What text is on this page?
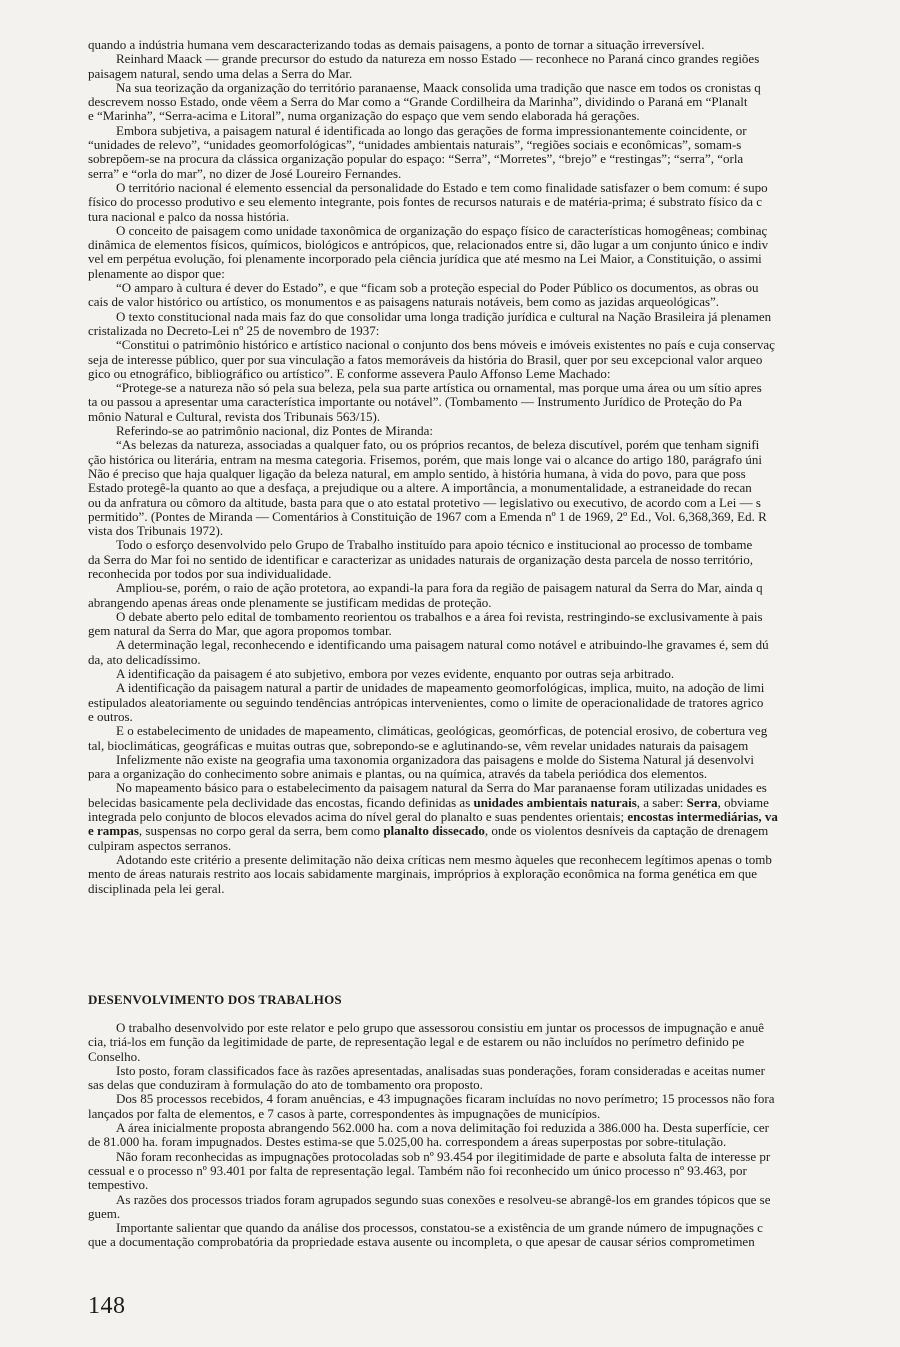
quando a indústria humana vem descaracterizando todas as demais paisagens, a ponto de tornar a situação irreversível.

Reinhard Maack — grande precursor do estudo da natureza em nosso Estado — reconhece no Paraná cinco grandes regiões

paisagem natural, sendo uma delas a Serra do Mar.

Na sua teorização da organização do território paranaense, Maack consolida uma tradição que nasce em todos os cronistas q

descrevem nosso Estado, onde vêem a Serra do Mar como a “Grande Cordilheira da Marinha”, dividindo o Paraná em “Planalt

e “Marinha”, “Serra-acima e Litoral”, numa organização do espaço que vem sendo elaborada há gerações.

Embora subjetiva, a paisagem natural é identificada ao longo das gerações de forma impressionantemente coincidente, or

“unidades de relevo”, “unidades geomorfológicas”, “unidades ambientais naturais”, “regiões sociais e econômicas”, somam-s

sobrepõem-se na procura da clássica organização popular do espaço: “Serra”, “Morretes”, “brejo” e “restingas”; “serra”, “orla

serra” e “orla do mar”, no dizer de José Loureiro Fernandes.

O território nacional é elemento essencial da personalidade do Estado e tem como finalidade satisfazer o bem comum: é supo

físico do processo produtivo e seu elemento integrante, pois fontes de recursos naturais e de matéria-prima; é substrato físico da c

tura nacional e palco da nossa história.

O conceito de paisagem como unidade taxonômica de organização do espaço físico de características homogêneas; combinaç

dinâmica de elementos físicos, químicos, biológicos e antrópicos, que, relacionados entre si, dão lugar a um conjunto único e indiv

vel em perpétua evolução, foi plenamente incorporado pela ciência jurídica que até mesmo na Lei Maior, a Constituição, o assimi

plenamente ao dispor que:

“O amparo à cultura é dever do Estado”, e que “ficam sob a proteção especial do Poder Público os documentos, as obras ou

cais de valor histórico ou artístico, os monumentos e as paisagens naturais notáveis, bem como as jazidas arqueológicas”.

O texto constitucional nada mais faz do que consolidar uma longa tradição jurídica e cultural na Nação Brasileira já plenamen

cristalizada no Decreto-Lei nº 25 de novembro de 1937:

“Constitui o patrimônio histórico e artístico nacional o conjunto dos bens móveis e imóveis existentes no país e cuja conservaç

seja de interesse público, quer por sua vinculação a fatos memoráveis da história do Brasil, quer por seu excepcional valor arqueo

gico ou etnográfico, bibliográfico ou artístico”. E conforme assevera Paulo Affonso Leme Machado:

“Protege-se a natureza não só pela sua beleza, pela sua parte artística ou ornamental, mas porque uma área ou um sítio apres

ta ou passou a apresentar uma característica importante ou notável”. (Tombamento — Instrumento Jurídico de Proteção do Pa

mônio Natural e Cultural, revista dos Tribunais 563/15).

Referindo-se ao patrimônio nacional, diz Pontes de Miranda:

“As belezas da natureza, associadas a qualquer fato, ou os próprios recantos, de beleza discutível, porém que tenham signifi

ção histórica ou literária, entram na mesma categoria. Frisemos, porém, que mais longe vai o alcance do artigo 180, parágrafo úni

Não é preciso que haja qualquer ligação da beleza natural, em amplo sentido, à história humana, à vida do povo, para que poss

Estado protegê-la quanto ao que a desfaça, a prejudique ou a altere. A importância, a monumentalidade, a estraneidade do recan

ou da anfratura ou cômoro da altitude, basta para que o ato estatal protetivo — legislativo ou executivo, de acordo com a Lei — s

permitido”. (Pontes de Miranda — Comentários à Constituição de 1967 com a Emenda nº 1 de 1969, 2º Ed., Vol. 6,368,369, Ed. R

vista dos Tribunais 1972).

Todo o esforço desenvolvido pelo Grupo de Trabalho instituído para apoio técnico e institucional ao processo de tombame

da Serra do Mar foi no sentido de identificar e caracterizar as unidades naturais de organização desta parcela de nosso território,

reconhecida por todos por sua individualidade.

Ampliou-se, porém, o raio de ação protetora, ao expandi-la para fora da região de paisagem natural da Serra do Mar, ainda q

abrangendo apenas áreas onde plenamente se justificam medidas de proteção.

O debate aberto pelo edital de tombamento reorientou os trabalhos e a área foi revista, restringindo-se exclusivamente à pais

gem natural da Serra do Mar, que agora propomos tombar.

A determinação legal, reconhecendo e identificando uma paisagem natural como notável e atribuindo-lhe gravames é, sem dú

da, ato delicadíssimo.

A identificação da paisagem é ato subjetivo, embora por vezes evidente, enquanto por outras seja arbitrado.

A identificação da paisagem natural a partir de unidades de mapeamento geomorfológicas, implica, muito, na adoção de limi

estipulados aleatoriamente ou seguindo tendências antrópicas intervenientes, como o limite de operacionalidade de tratores agrico

e outros.

E o estabelecimento de unidades de mapeamento, climáticas, geológicas, geomórficas, de potencial erosivo, de cobertura veg

tal, bioclimáticas, geográficas e muitas outras que, sobrepondo-se e aglutinando-se, vêm revelar unidades naturais da paisagem

Infelizmente não existe na geografia uma taxonomia organizadora das paisagens e molde do Sistema Natural já desenvolvi

para a organização do conhecimento sobre animais e plantas, ou na química, através da tabela periódica dos elementos.

No mapeamento básico para o estabelecimento da paisagem natural da Serra do Mar paranaense foram utilizadas unidades es

belecidas basicamente pela declividade das encostas, ficando definidas as unidades ambientais naturais, a saber: Serra, obviame

integrada pelo conjunto de blocos elevados acima do nível geral do planalto e suas pendentes orientais; encostas intermediárias, va

e rampas, suspensas no corpo geral da serra, bem como planalto dissecado, onde os violentos desníveis da captação de drenagem

culpiram aspectos serranos.

Adotando este critério a presente delimitação não deixa críticas nem mesmo àqueles que reconhecem legítimos apenas o tomb

mento de áreas naturais restrito aos locais sabidamente marginais, impróprios à exploração econômica na forma genética em que

disciplinada pela lei geral.

DESENVOLVIMENTO DOS TRABALHOS

O trabalho desenvolvido por este relator e pelo grupo que assessorou consistiu em juntar os processos de impugnação e anuê

cia, triá-los em função da legitimidade de parte, de representação legal e de estarem ou não incluídos no perímetro definido pe

Conselho.

Isto posto, foram classificados face às razões apresentadas, analisadas suas ponderações, foram consideradas e aceitas numer

sas delas que conduziram à formulação do ato de tombamento ora proposto.

Dos 85 processos recebidos, 4 foram anuências, e 43 impugnações ficaram incluídas no novo perímetro; 15 processos não fora

lançados por falta de elementos, e 7 casos à parte, correspondentes às impugnações de municípios.

A área inicialmente proposta abrangendo 562.000 ha. com a nova delimitação foi reduzida a 386.000 ha. Desta superfície, cer

de 81.000 ha. foram impugnados. Destes estima-se que 5.025,00 ha. correspondem a áreas superpostas por sobre-titulação.

Não foram reconhecidas as impugnações protocoladas sob nº 93.454 por ilegitimidade de parte e absoluta falta de interesse pr

cessual e o processo nº 93.401 por falta de representação legal. Também não foi reconhecido um único processo nº 93.463, por

tempestivo.

As razões dos processos triados foram agrupados segundo suas conexões e resolveu-se abrangê-los em grandes tópicos que se

guem.

Importante salientar que quando da análise dos processos, constatou-se a existência de um grande número de impugnações c

que a documentação comprobatória da propriedade estava ausente ou incompleta, o que apesar de causar sérios comprometimen

148
